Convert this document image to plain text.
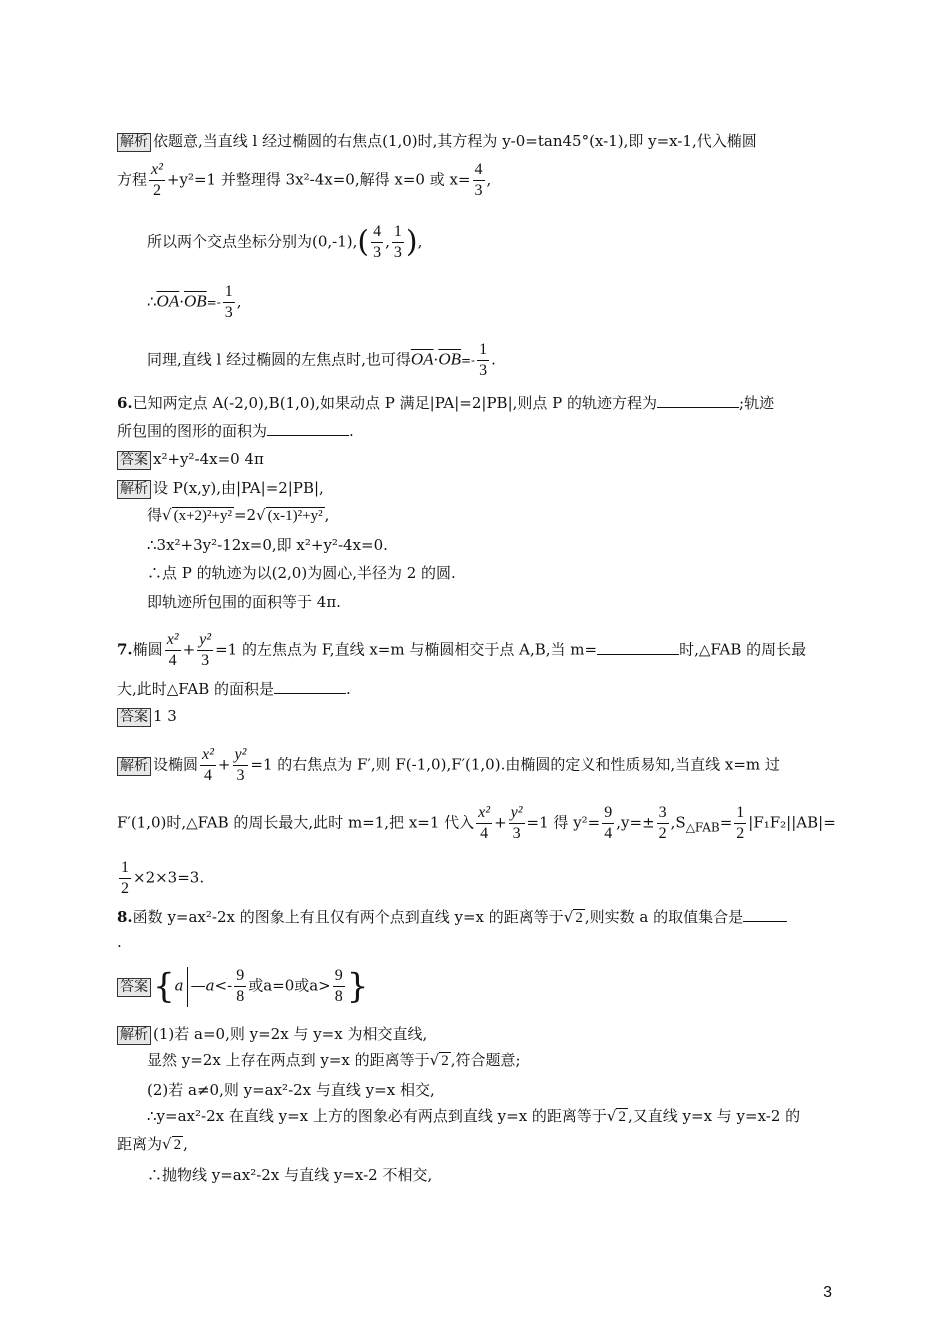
解析 依题意,当直线 l 经过椭圆的右焦点(1,0)时,其方程为 y-0=tan45°(x-1),即 y=x-1,代入椭圆
方程 $\frac{\text{x²}}{2} +y^2=1$ 并整理得 3x²-4x=0,解得 x=0 或 $x= \frac{4}{3}$ ,
所以两个交点坐标分别为$(0,-1),( \frac{4}{3}$ , $\frac{1}{3}$ ),
$\therefore\overline{OA}\cdot\overline{OB}=- \frac{1}{3}$ ,
同理,直线 l 经过椭圆的左焦点时,也可得$\overline{OA}\cdot\overline{OB}=- \frac{1}{3}$ .
6.已知两定点 A(-2,0),B(1,0),如果动点 P 满足|PA|=2|PB|,则点 P 的轨迹方程为	;轨迹
所包围的图形的面积为	.
答案 x²+y²-4x=0 4π
解析 设 P(x,y),由|PA|=2|PB|,
得√ (x+2)²+y² =2√ (x-1)²+y² ,
∴3x²+3y²-12x=0,即 x²+y²-4x=0.
∴点 P 的轨迹为以(2,0)为圆心,半径为 2 的圆.
即轨迹所包围的面积等于 4π.
7.椭圆 $\frac{\text{x²}}{4} + \frac{\text{y²}}{3} =1$ 的左焦点为 F,直线 x=m 与椭圆相交于点 A,B,当 m=	时,△FAB 的周长最
大,此时△FAB 的面积是	.
答案 1 3
解析 设椭圆 $\frac{\text{x²}}{4} + \frac{\text{y²}}{3} =1$ 的右焦点为 F′,则 F(-1,0),F′(1,0).由椭圆的定义和性质易知,当直线 x=m 过
F′(1,0)时,△FAB 的周长最大,此时 m=1,把 x=1 代入 $\frac{\text{x²}}{4} + \frac{\text{y²}}{3} =1$ 得 $y^2= \frac{9}{4} ,y=\pm \frac{3}{2} ,S_{\triangle FAB}= \frac{1}{2} |F_1F_2||AB|=$
$\frac{1}{2} \times 2\times 3=3$.
8.函数 y=ax²-2x 的图象上有且仅有两个点到直线 y=x 的距离等于√ 2 ,则实数 a 的取值集合是
.
答案 {a —a<- $\frac{9}{8}$ 或a=0或$a> \frac{9}{8}$ }
解析 (1)若 a=0,则 y=2x 与 y=x 为相交直线,
显然 y=2x 上存在两点到 y=x 的距离等于√ 2 ,符合题意;
(2)若 a≠0,则 y=ax²-2x 与直线 y=x 相交,
∴y=ax²-2x 在直线 y=x 上方的图象必有两点到直线 y=x 的距离等于√ 2 ,又直线 y=x 与 y=x-2 的
距离为√ 2 ,
∴抛物线 y=ax²-2x 与直线 y=x-2 不相交,
3
